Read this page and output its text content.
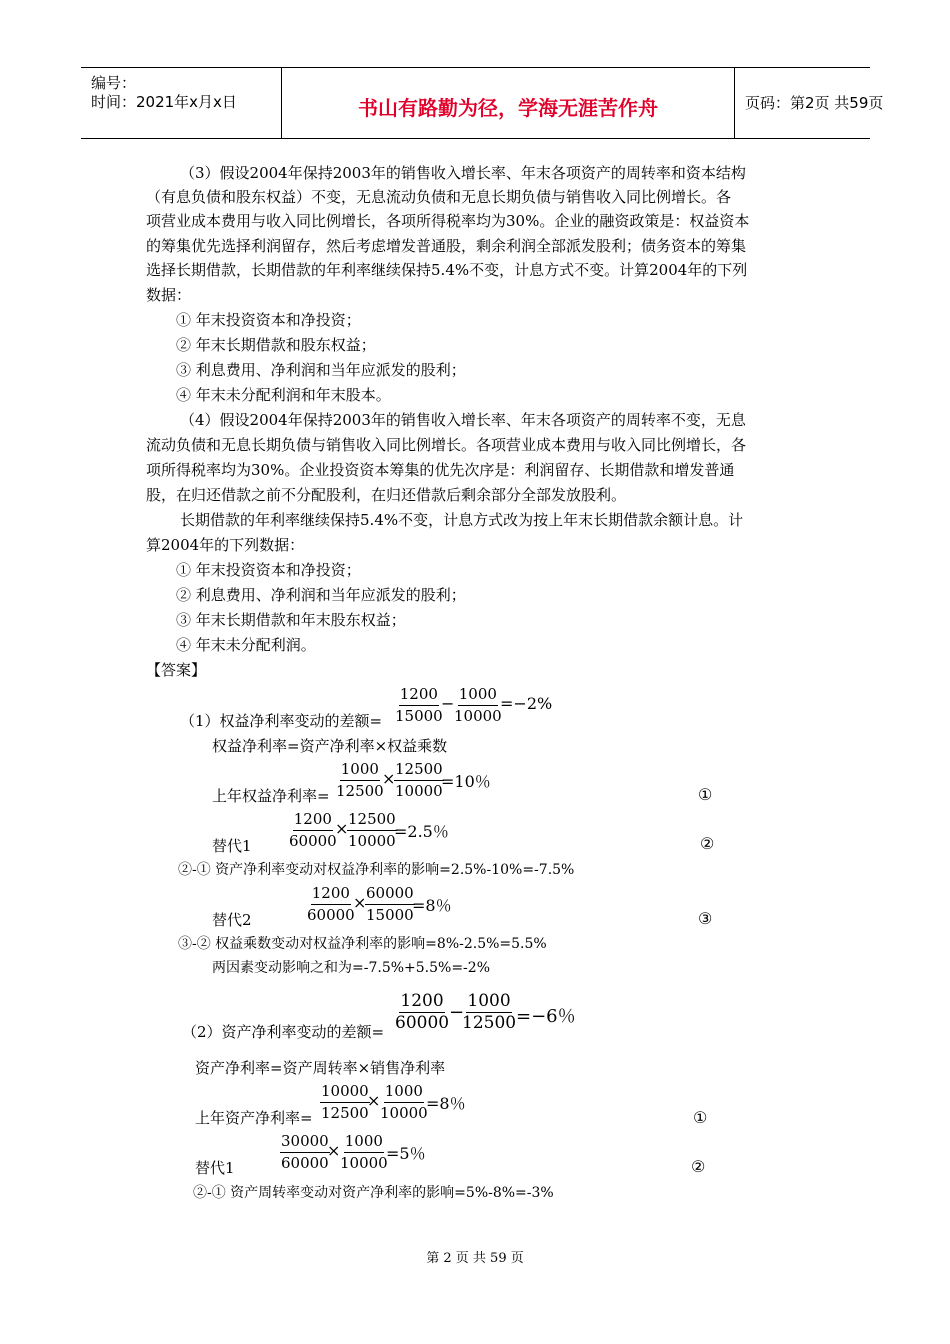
编号：
时间：2021年x月x日	书山有路勤为径，学海无涯苦作舟	页码：第2页 共59页
（3）假设2004年保持2003年的销售收入增长率、年末各项资产的周转率和资本结构
（有息负债和股东权益）不变，无息流动负债和无息长期负债与销售收入同比例增长。各
项营业成本费用与收入同比例增长，各项所得税率均为30%。企业的融资政策是：权益资本
的筹集优先选择利润留存，然后考虑增发普通股，剩余利润全部派发股利；债务资本的筹集
选择长期借款，长期借款的年利率继续保持5.4%不变，计息方式不变。计算2004年的下列
数据：
① 年末投资资本和净投资；
② 年末长期借款和股东权益；
③ 利息费用、净利润和当年应派发的股利；
④ 年末未分配利润和年末股本。
（4）假设2004年保持2003年的销售收入增长率、年末各项资产的周转率不变，无息
流动负债和无息长期负债与销售收入同比例增长。各项营业成本费用与收入同比例增长，各
项所得税率均为30%。企业投资资本筹集的优先次序是：利润留存、长期借款和增发普通
股，在归还借款之前不分配股利，在归还借款后剩余部分全部发放股利。
长期借款的年利率继续保持5.4%不变，计息方式改为按上年末长期借款余额计息。计
算2004年的下列数据：
① 年末投资资本和净投资；
② 利息费用、净利润和当年应派发的股利；
③ 年末长期借款和年末股东权益；
④ 年末未分配利润。
【答案】
（1）权益净利率变动的差额= $\frac{1200}{15000}$
−
$\frac{1000}{10000}$
=−2%
权益净利率=资产净利率×权益乘数
上年权益净利率= $\frac{1000}{12500}$
×
$\frac{12500}{10000}$
=10％
①
替代$1 \frac{1200}{60000}$
×
$\frac{12500}{10000}$
=2.5％
②
②-① 资产净利率变动对权益净利率的影响=2.5%-10%=-7.5%
替代2	$\frac{1200}{60000}$
×
$\frac{60000}{15000}$
=8％
③
③-② 权益乘数变动对权益净利率的影响=8%-2.5%=5.5%
两因素变动影响之和为=-7.5%+5.5%=-2%
（2）资产净利率变动的差额= $\frac{1200}{60000}$
−
$\frac{1000}{12500}$
=−6％
资产净利率=资产周转率×销售净利率
上年资产净利率= $\frac{10000}{12500}$
×
$\frac{1000}{10000}$
=8％
①
替代1	$\frac{30000}{60000}$
×
$\frac{1000}{10000}$
=5％
②
②-① 资产周转率变动对资产净利率的影响=5%-8%=-3%
第 2 页 共 59 页
